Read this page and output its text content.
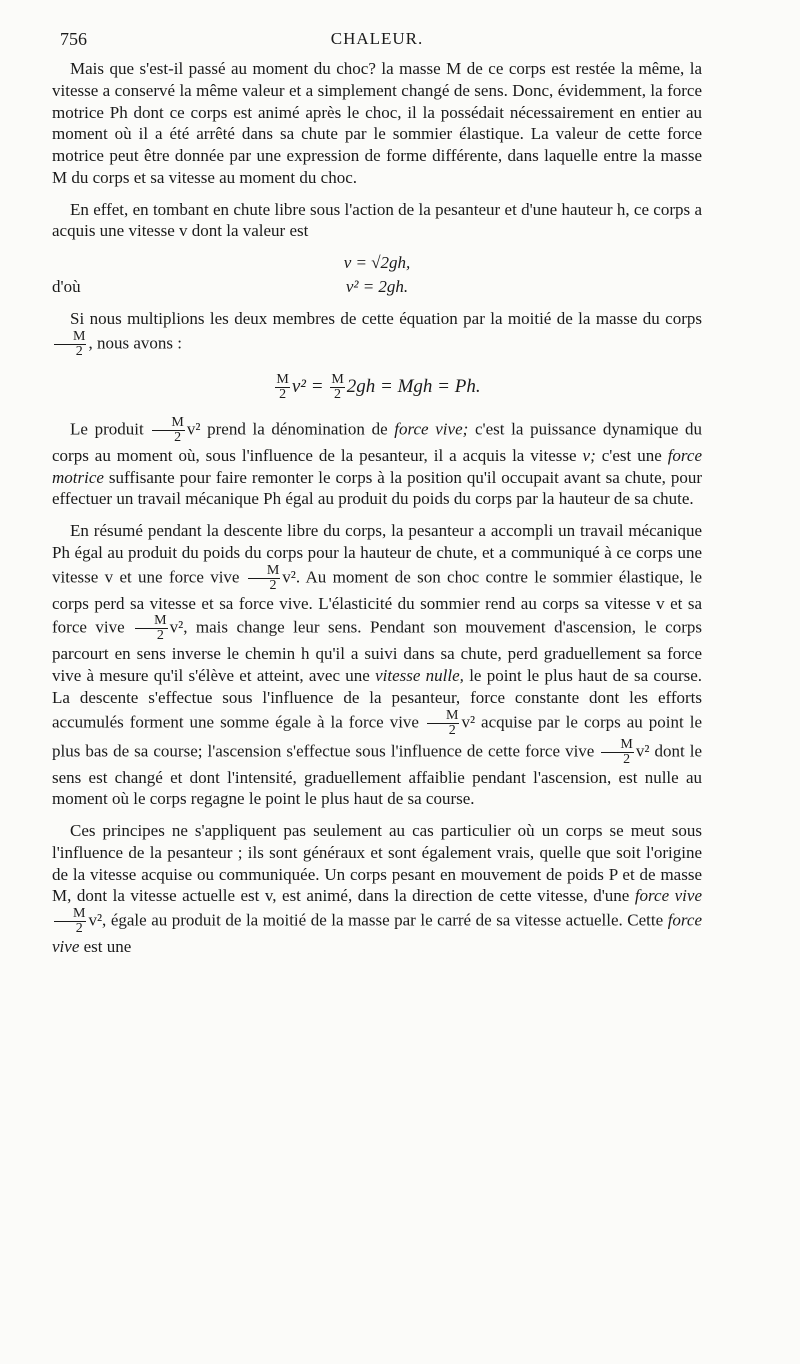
756	CHALEUR.

Mais que s'est-il passé au moment du choc? la masse M de ce corps est restée la même, la vitesse a conservé la même valeur et a simplement changé de sens. Donc, évidemment, la force motrice Ph dont ce corps est animé après le choc, il la possédait nécessairement en entier au moment où il a été arrêté dans sa chute par le sommier élastique. La valeur de cette force motrice peut être donnée par une expression de forme différente, dans laquelle entre la masse M du corps et sa vitesse au moment du choc.

En effet, en tombant en chute libre sous l'action de la pesanteur et d'une hauteur h, ce corps a acquis une vitesse v dont la valeur est

v = √2gh,
d'où	v² = 2gh.

Si nous multiplions les deux membres de cette équation par la moitié de la masse du corps
$\frac{M}{2}$ , nous avons :

$\frac{M}{2} v^2 = \frac{M}{2} 2gh$ = Mgh = Ph.

Le produit $\frac{M}{2} v^2$ prend la dénomination de force vive; c'est la puissance dynamique du corps au moment où, sous l'influence de la pesanteur, il a acquis la vitesse v; c'est une force motrice suffisante pour faire remonter le corps à la position qu'il occupait avant sa chute, pour effectuer un travail mécanique Ph égal au produit du poids du corps par la hauteur de sa chute.

En résumé pendant la descente libre du corps, la pesanteur a accompli un travail mécanique Ph égal au produit du poids du corps pour la hauteur de chute, et a communiqué à ce corps une vitesse v et une force vive $\frac{M}{2} v^2$. Au moment de son choc contre le sommier élastique, le corps perd sa vitesse et sa force vive. L'élasticité du sommier rend au corps sa vitesse v et sa force vive $\frac{M}{2} v^2$, mais change leur sens. Pendant son mouvement d'ascension, le corps parcourt en sens inverse le chemin h qu'il a suivi dans sa chute, perd graduellement sa force vive à mesure qu'il s'élève et atteint, avec une vitesse nulle, le point le plus haut de sa course. La descente s'effectue sous l'influence de la pesanteur, force constante dont les efforts accumulés forment une somme égale à la force vive $\frac{M}{2} v^2$ acquise par le corps au point le plus bas de sa course; l'ascension s'effectue sous l'influence de cette force vive $\frac{M}{2} v^2$ dont le sens est changé et dont l'intensité, graduellement affaiblie pendant l'ascension, est nulle au moment où le corps regagne le point le plus haut de sa course.

Ces principes ne s'appliquent pas seulement au cas particulier où un corps se meut sous l'influence de la pesanteur ; ils sont généraux et sont également vrais, quelle que soit l'origine de la vitesse acquise ou communiquée. Un corps pesant en mouvement de poids P et de masse M, dont la vitesse actuelle est v, est animé, dans la direction de cette vitesse, d'une force vive
$\frac{M}{2} v^2$, égale au produit de la moitié de la masse par le carré de sa vitesse actuelle. Cette force vive est une
